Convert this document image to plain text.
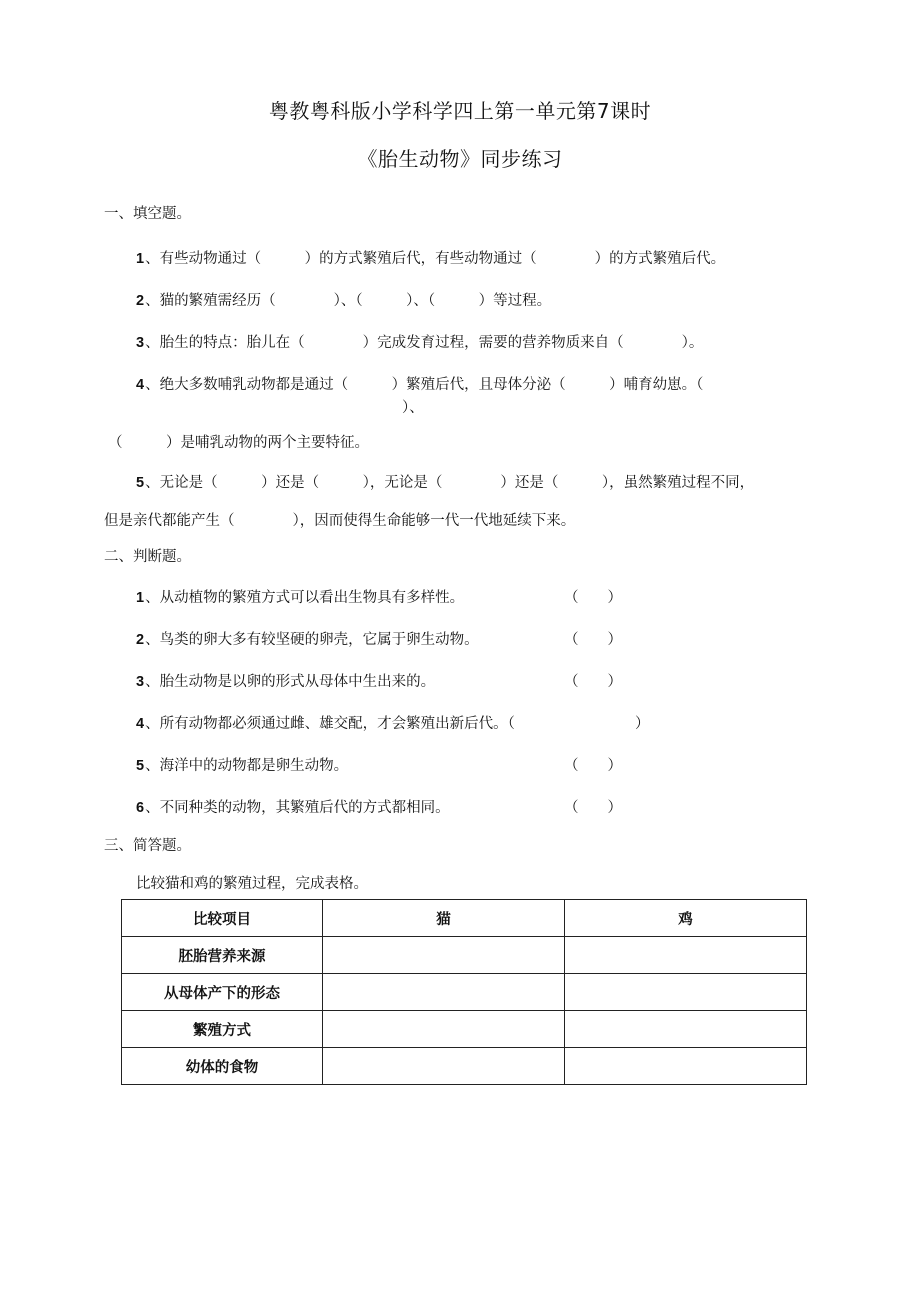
粤教粤科版小学科学四上第一单元第7课时
《胎生动物》同步练习
一、填空题。
1、有些动物通过（　　　）的方式繁殖后代，有些动物通过（　　　　）的方式繁殖后代。
2、猫的繁殖需经历（　　　　）、（　　　）、（　　　）等过程。
3、胎生的特点：胎儿在（　　　　）完成发育过程，需要的营养物质来自（　　　　）。
4、绝大多数哺乳动物都是通过（　　　）繁殖后代，且母体分泌（　　　）哺育幼崽。（
）、
（　　　）是哺乳动物的两个主要特征。
5、无论是（　　　）还是（　　　），无论是（　　　　）还是（　　　），虽然繁殖过程不同，
但是亲代都能产生（　　　　），因而使得生命能够一代一代地延续下来。
二、判断题。
1、从动植物的繁殖方式可以看出生物具有多样性。	（　　）
2、鸟类的卵大多有较坚硬的卵壳，它属于卵生动物。	（　　）
3、胎生动物是以卵的形式从母体中生出来的。	（　　）
4、所有动物都必须通过雌、雄交配，才会繁殖出新后代。（	）
5、海洋中的动物都是卵生动物。	（　　）
6、不同种类的动物，其繁殖后代的方式都相同。	（　　）
三、简答题。
比较猫和鸡的繁殖过程，完成表格。
比较项目	猫	鸡
胚胎营养来源		
从母体产下的形态		
繁殖方式		
幼体的食物		
